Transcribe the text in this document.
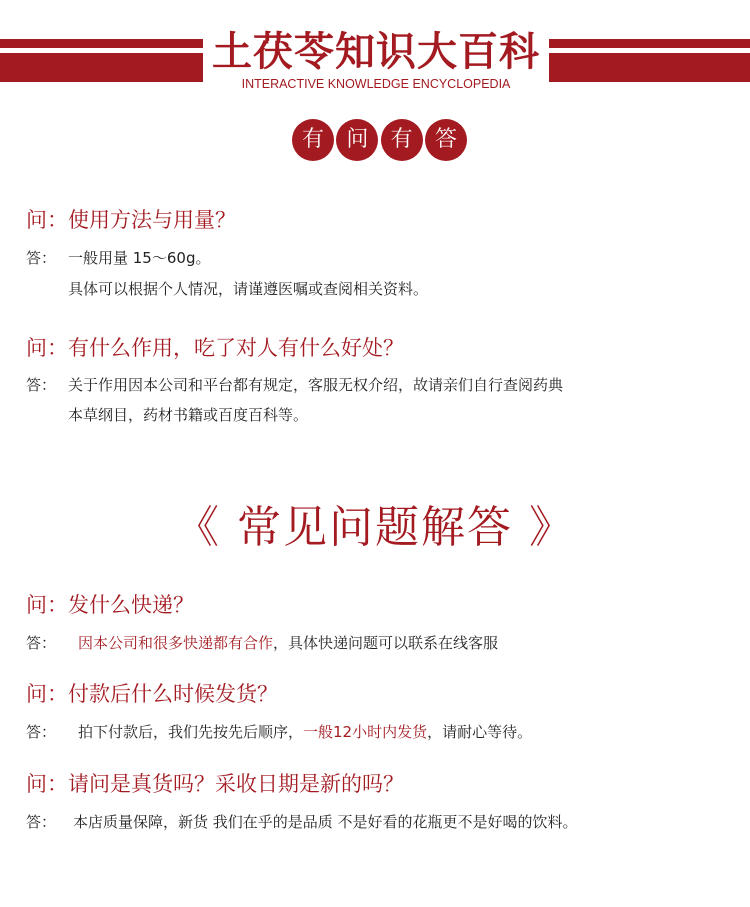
土茯苓知识大百科
INTERACTIVE KNOWLEDGE ENCYCLOPEDIA
有	问	有	答
问：使用方法与用量？
答： 一般用量 15～60g。
具体可以根据个人情况，请谨遵医嘱或查阅相关资料。
问：有什么作用，吃了对人有什么好处？
答： 关于作用因本公司和平台都有规定，客服无权介绍，故请亲们自行查阅药典
本草纲目，药材书籍或百度百科等。
《 常见问题解答 》
问：发什么快递？
答： 因本公司和很多快递都有合作，具体快递问题可以联系在线客服
问：付款后什么时候发货？
答： 拍下付款后，我们先按先后顺序，一般12小时内发货，请耐心等待。
问：请问是真货吗？采收日期是新的吗？
答： 本店质量保障，新货 我们在乎的是品质 不是好看的花瓶更不是好喝的饮料。
